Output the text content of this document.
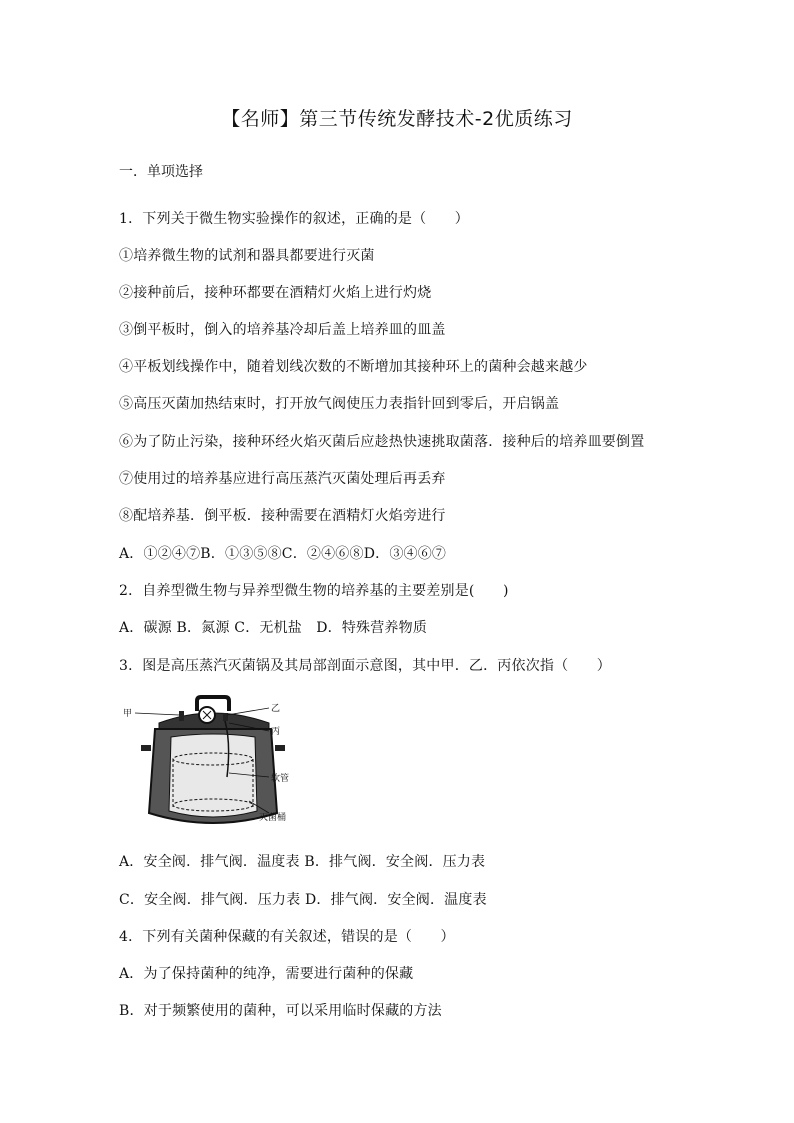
【名师】第三节传统发酵技术-2优质练习
一．单项选择
1．下列关于微生物实验操作的叙述，正确的是（　　）
①培养微生物的试剂和器具都要进行灭菌
②接种前后，接种环都要在酒精灯火焰上进行灼烧
③倒平板时，倒入的培养基冷却后盖上培养皿的皿盖
④平板划线操作中，随着划线次数的不断增加其接种环上的菌种会越来越少
⑤高压灭菌加热结束时，打开放气阀使压力表指针回到零后，开启锅盖
⑥为了防止污染，接种环经火焰灭菌后应趁热快速挑取菌落．接种后的培养皿要倒置
⑦使用过的培养基应进行高压蒸汽灭菌处理后再丢弃
⑧配培养基．倒平板．接种需要在酒精灯火焰旁进行
A．①②④⑦B．①③⑤⑧C．②④⑥⑧D．③④⑥⑦
2．自养型微生物与异养型微生物的培养基的主要差别是(　　)
A．碳源 B．氮源 C．无机盐　D．特殊营养物质
3．图是高压蒸汽灭菌锅及其局部剖面示意图，其中甲．乙．丙依次指（　　）
甲	乙
丙
软管
灭菌桶
A．安全阀．排气阀．温度表 B．排气阀．安全阀．压力表
C．安全阀．排气阀．压力表 D．排气阀．安全阀．温度表
4．下列有关菌种保藏的有关叙述，错误的是（　　）
A．为了保持菌种的纯净，需要进行菌种的保藏
B．对于频繁使用的菌种，可以采用临时保藏的方法
